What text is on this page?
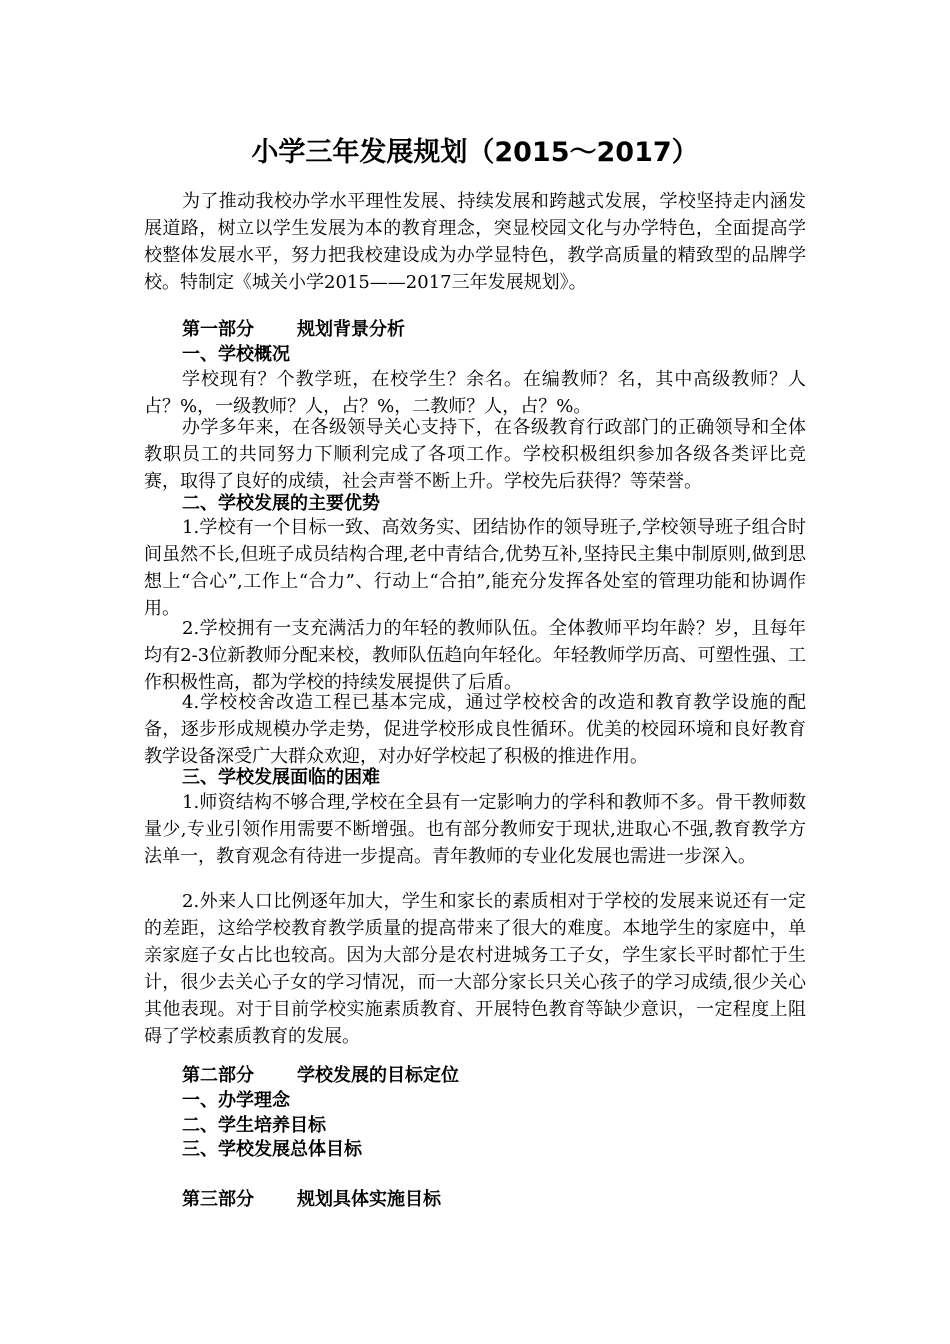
小学三年发展规划（2015～2017）

为了推动我校办学水平理性发展、持续发展和跨越式发展，学校坚持走内涵发展道路，树立以学生发展为本的教育理念，突显校园文化与办学特色，全面提高学校整体发展水平，努力把我校建设成为办学显特色，教学高质量的精致型的品牌学校。特制定《城关小学2015——2017三年发展规划》。

第一部分 规划背景分析
一、学校概况

学校现有？个教学班，在校学生？余名。在编教师？名，其中高级教师？人占？%，一级教师？人，占？%，二教师？人，占？%。

办学多年来，在各级领导关心支持下，在各级教育行政部门的正确领导和全体教职员工的共同努力下顺利完成了各项工作。学校积极组织参加各级各类评比竞赛，取得了良好的成绩，社会声誉不断上升。学校先后获得？等荣誉。

二、学校发展的主要优势

1.学校有一个目标一致、高效务实、团结协作的领导班子,学校领导班子组合时间虽然不长,但班子成员结构合理,老中青结合,优势互补,坚持民主集中制原则,做到思想上“合心”,工作上“合力”、行动上“合拍”,能充分发挥各处室的管理功能和协调作用。

2.学校拥有一支充满活力的年轻的教师队伍。全体教师平均年龄？岁，且每年均有2-3位新教师分配来校，教师队伍趋向年轻化。年轻教师学历高、可塑性强、工作积极性高，都为学校的持续发展提供了后盾。

4.学校校舍改造工程已基本完成，通过学校校舍的改造和教育教学设施的配备，逐步形成规模办学走势，促进学校形成良性循环。优美的校园环境和良好教育教学设备深受广大群众欢迎，对办好学校起了积极的推进作用。

三、学校发展面临的困难

1.师资结构不够合理,学校在全县有一定影响力的学科和教师不多。骨干教师数量少,专业引领作用需要不断增强。也有部分教师安于现状,进取心不强,教育教学方法单一，教育观念有待进一步提高。青年教师的专业化发展也需进一步深入。

2.外来人口比例逐年加大，学生和家长的素质相对于学校的发展来说还有一定的差距，这给学校教育教学质量的提高带来了很大的难度。本地学生的家庭中，单亲家庭子女占比也较高。因为大部分是农村进城务工子女，学生家长平时都忙于生计，很少去关心子女的学习情况，而一大部分家长只关心孩子的学习成绩,很少关心其他表现。对于目前学校实施素质教育、开展特色教育等缺少意识，一定程度上阻碍了学校素质教育的发展。

第二部分 学校发展的目标定位
一、办学理念
二、学生培养目标
三、学校发展总体目标
第三部分 规划具体实施目标
